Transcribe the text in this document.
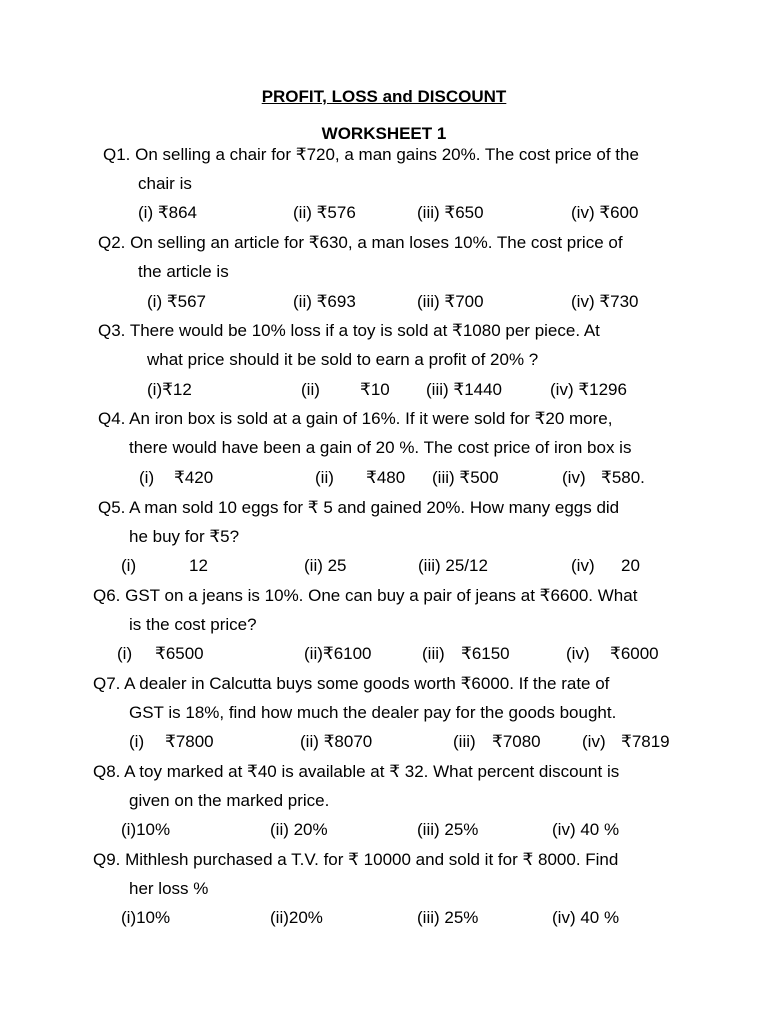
PROFIT, LOSS and DISCOUNT
WORKSHEET 1
Q1. On selling a chair for ₹720, a man gains 20%. The cost price of the
chair is
(i) ₹864	(ii) ₹576	(iii) ₹650	(iv) ₹600
Q2. On selling an article for ₹630, a man loses 10%. The cost price of
the article is
(i) ₹567	(ii) ₹693	(iii) ₹700	(iv) ₹730
Q3. There would be 10% loss if a toy is sold at ₹1080 per piece. At
what price should it be sold to earn a profit of 20% ?
(i)₹12	(ii) ₹10 (iii) ₹1440	(iv) ₹1296
Q4. An iron box is sold at a gain of 16%. If it were sold for ₹20 more,
there would have been a gain of 20 %. The cost price of iron box is
(i) ₹420	(ii) ₹480 (iii) ₹500	(iv) ₹580.
Q5. A man sold 10 eggs for ₹ 5 and gained 20%. How many eggs did
he buy for ₹5?
(i)	12	(ii) 25	(iii) 25/12	(iv) 20
Q6. GST on a jeans is 10%. One can buy a pair of jeans at ₹6600. What
is the cost price?
(i) ₹6500	(ii)₹6100	(iii) ₹6150	(iv) ₹6000
Q7. A dealer in Calcutta buys some goods worth ₹6000. If the rate of
GST is 18%, find how much the dealer pay for the goods bought.
(i) ₹7800	(ii) ₹8070	(iii) ₹7080 (iv) ₹7819
Q8. A toy marked at ₹40 is available at ₹ 32. What percent discount is
given on the marked price.
(i)10%	(ii) 20%	(iii) 25%	(iv) 40 %
Q9. Mithlesh purchased a T.V. for ₹ 10000 and sold it for ₹ 8000. Find
her loss %
(i)10%	(ii)20%	(iii) 25%	(iv) 40 %
